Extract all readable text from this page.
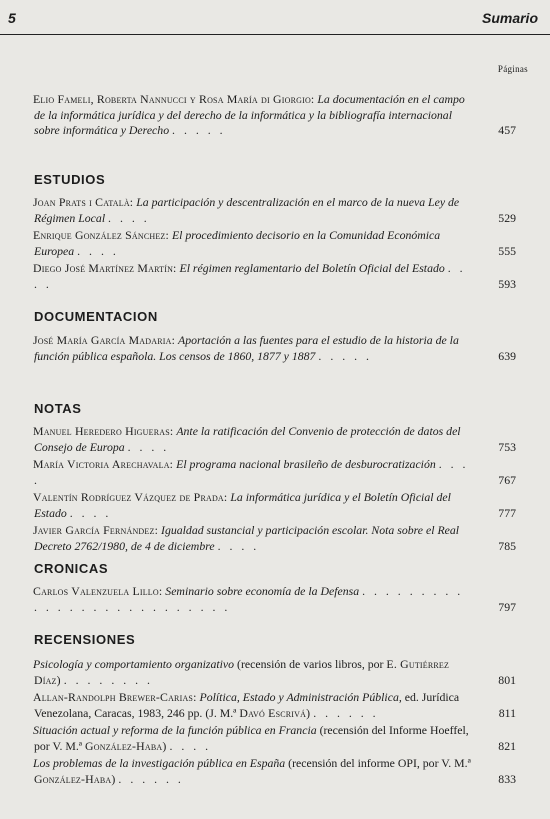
5	Sumario
Páginas

Elio Fameli, Roberta Nannucci y Rosa María di Giorgio: La documentación en el campo de la informática jurídica y del derecho de la informática y la bibliografía internacional sobre informática y Derecho . . . . .	457

ESTUDIOS

Joan Prats i Català: La participación y descentralización en el marco de la nueva Ley de Régimen Local . . . .	529

Enrique González Sánchez: El procedimiento decisorio en la Comunidad Económica Europea . . . .	555

Diego José Martínez Martín: El régimen reglamentario del Boletín Oficial del Estado . . . .	593

DOCUMENTACION

José María García Madaria: Aportación a las fuentes para el estudio de la historia de la función pública española. Los censos de 1860, 1877 y 1887 . . . . .	639

NOTAS

Manuel Heredero Higueras: Ante la ratificación del Convenio de protección de datos del Consejo de Europa . . . .	753

María Victoria Arechavala: El programa nacional brasileño de desburocratización . . . .	767

Valentín Rodríguez Vázquez de Prada: La informática jurídica y el Boletín Oficial del Estado . . . .	777

Javier García Fernández: Igualdad sustancial y participación escolar. Nota sobre el Real Decreto 2762/1980, de 4 de diciembre . . . .	785

CRONICAS

Carlos Valenzuela Lillo: Seminario sobre economía de la Defensa . . . . . . . . . . . . . . . . . . . . . . . . . .	797

RECENSIONES

Psicología y comportamiento organizativo (recensión de varios libros, por E. Gutiérrez Díaz) . . . . . . . .	801

Allan-Randolph Brewer-Carias: Política, Estado y Administración Pública, ed. Jurídica Venezolana, Caracas, 1983, 246 pp. (J. M.ª Davó Escrivá) . . . . . .	811

Situación actual y reforma de la función pública en Francia (recensión del Informe Hoeffel, por V. M.ª González-Haba) . . . .	821

Los problemas de la investigación pública en España (recensión del informe OPI, por V. M.ª González-Haba) . . . . . .	833
